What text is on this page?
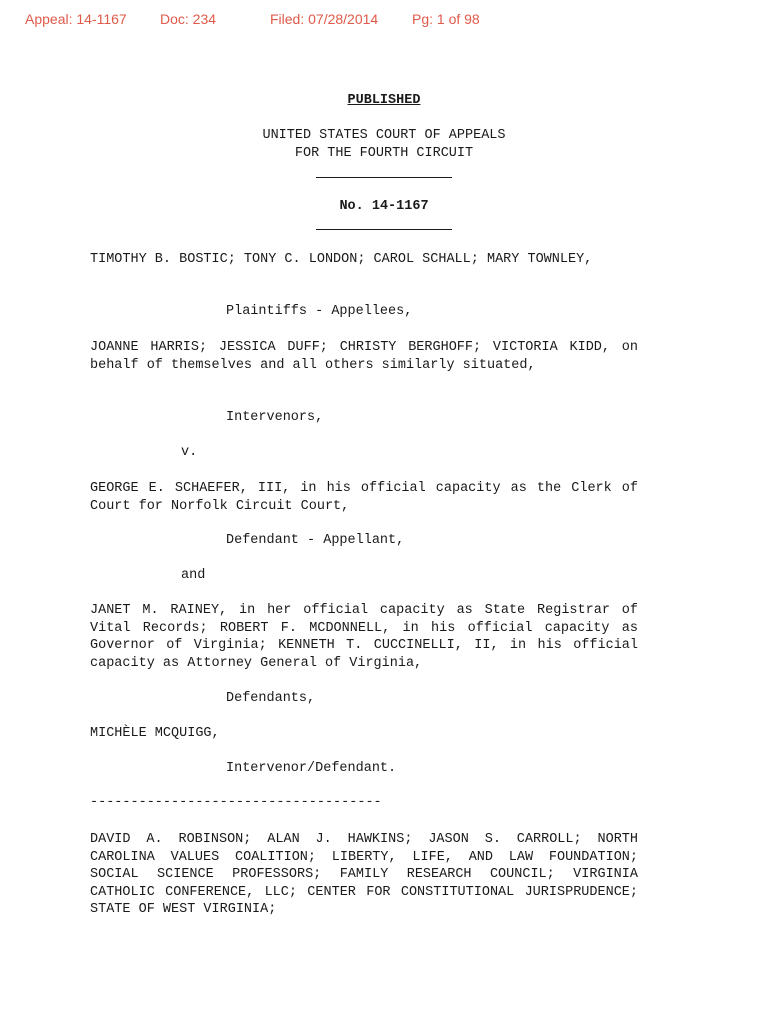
Appeal: 14-1167 Doc: 234	Filed: 07/28/2014 Pg: 1 of 98
PUBLISHED
UNITED STATES COURT OF APPEALS
FOR THE FOURTH CIRCUIT
No. 14-1167

TIMOTHY B. BOSTIC; TONY C. LONDON; CAROL SCHALL; MARY TOWNLEY,

Plaintiffs - Appellees,

JOANNE HARRIS; JESSICA DUFF; CHRISTY BERGHOFF; VICTORIA KIDD, on behalf of themselves and all others similarly situated,

Intervenors,
v.

GEORGE E. SCHAEFER, III, in his official capacity as the Clerk of Court for Norfolk Circuit Court,

Defendant - Appellant,
and

JANET M. RAINEY, in her official capacity as State Registrar of Vital Records; ROBERT F. MCDONNELL, in his official capacity as Governor of Virginia; KENNETH T. CUCCINELLI, II, in his official capacity as Attorney General of Virginia,

Defendants,
MICHÈLE MCQUIGG,
Intervenor/Defendant.
------------------------------------

DAVID A. ROBINSON; ALAN J. HAWKINS; JASON S. CARROLL; NORTH CAROLINA VALUES COALITION; LIBERTY, LIFE, AND LAW FOUNDATION; SOCIAL SCIENCE PROFESSORS; FAMILY RESEARCH COUNCIL; VIRGINIA CATHOLIC CONFERENCE, LLC; CENTER FOR CONSTITUTIONAL JURISPRUDENCE; STATE OF WEST VIRGINIA;
